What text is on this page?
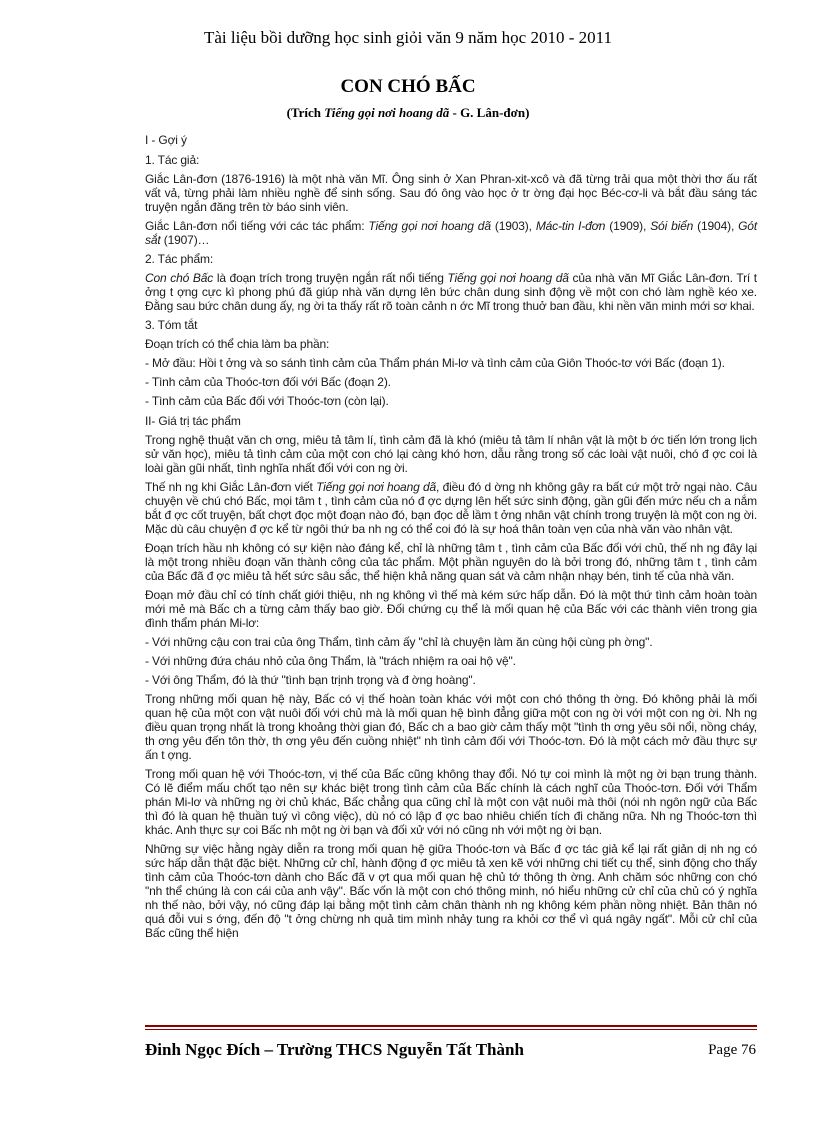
Tài liệu bồi dưỡng học sinh giỏi văn 9 năm học 2010 - 2011
CON CHÓ BẤC
(Trích Tiếng gọi nơi hoang dã - G. Lân-đơn)

I - Gợi ý

1. Tác giả:

Giắc Lân-đơn (1876-1916) là một nhà văn Mĩ. Ông sinh ở Xan Phran-xit-xcô và đã từng trải qua một thời thơ ấu rất vất vả, từng phải làm nhiều nghề để sinh sống. Sau đó ông vào học ở tr ờng đại học Béc-cơ-li và bắt đầu sáng tác truyện ngắn đăng trên tờ báo sinh viên.

Giắc Lân-đơn nổi tiếng với các tác phẩm: Tiếng gọi nơi hoang dã (1903), Mác-tin I-đơn (1909), Sói biển (1904), Gót sắt (1907)…

2. Tác phẩm:

Con chó Bấc là đoạn trích trong truyện ngắn rất nổi tiếng Tiếng gọi nơi hoang dã của nhà văn Mĩ Giắc Lân-đơn. Trí t ởng t ợng cực kì phong phú đã giúp nhà văn dựng lên bức chân dung sinh động về một con chó làm nghề kéo xe. Đằng sau bức chân dung ấy, ng ời ta thấy rất rõ toàn cảnh n ớc Mĩ trong thuở ban đầu, khi nền văn minh mới sơ khai.

3. Tóm tắt

Đoạn trích có thể chia làm ba phần:

- Mở đầu: Hồi t ởng và so sánh tình cảm của Thẩm phán Mi-lơ và tình cảm của Giôn Thoóc-tơ với Bấc (đoạn 1).

- Tình cảm của Thoóc-tơn đối với Bấc (đoạn 2).

- Tình cảm của Bấc đối với Thoóc-tơn (còn lại).

II- Giá trị tác phẩm

Trong nghệ thuật văn ch ơng, miêu tả tâm lí, tình cảm đã là khó (miêu tả tâm lí nhân vật là một b ớc tiến lớn trong lịch sử văn học), miêu tả tình cảm của một con chó lại càng khó hơn, dẫu rằng trong số các loài vật nuôi, chó đ ợc coi là loài gần gũi nhất, tình nghĩa nhất đối với con ng ời.

Thế nh ng khi Giắc Lân-đơn viết Tiếng gọi nơi hoang dã, điều đó d ờng nh không gây ra bất cứ một trở ngại nào. Câu chuyện về chú chó Bấc, mọi tâm t , tình cảm của nó đ ợc dựng lên hết sức sinh động, gần gũi đến mức nếu ch a nắm bắt đ ợc cốt truyện, bất chợt đọc một đoạn nào đó, bạn đọc dễ lầm t ởng nhân vật chính trong truyện là một con ng ời. Mặc dù câu chuyện đ ợc kể từ ngôi thứ ba nh ng có thể coi đó là sự hoá thân toàn vẹn của nhà văn vào nhân vật.

Đoạn trích hầu nh không có sự kiện nào đáng kể, chỉ là những tâm t , tình cảm của Bấc đối với chủ, thế nh ng đây lại là một trong nhiều đoạn văn thành công của tác phẩm. Một phần nguyên do là bởi trong đó, những tâm t , tình cảm của Bấc đã đ ợc miêu tả hết sức sâu sắc, thể hiện khả năng quan sát và cảm nhận nhạy bén, tinh tế của nhà văn.

Đoạn mở đầu chỉ có tính chất giới thiệu, nh ng không vì thế mà kém sức hấp dẫn. Đó là một thứ tình cảm hoàn toàn mới mẻ mà Bấc ch a từng cảm thấy bao giờ. Đối chứng cụ thể là mối quan hệ của Bấc với các thành viên trong gia đình thẩm phán Mi-lơ:

- Với những cậu con trai của ông Thẩm, tình cảm ấy "chỉ là chuyện làm ăn cùng hội cùng ph ờng".

- Với những đứa cháu nhỏ của ông Thẩm, là "trách nhiệm ra oai hộ vệ".

- Với ông Thẩm, đó là thứ "tình bạn trịnh trọng và đ ờng hoàng".

Trong những mối quan hệ này, Bấc có vị thế hoàn toàn khác với một con chó thông th ờng. Đó không phải là mối quan hệ của một con vật nuôi đối với chủ mà là mối quan hệ bình đẳng giữa một con ng ời với một con ng ời. Nh ng điều quan trọng nhất là trong khoảng thời gian đó, Bấc ch a bao giờ cảm thấy một "tình th ơng yêu sôi nổi, nồng cháy, th ơng yêu đến tôn thờ, th ơng yêu đến cuồng nhiệt" nh tình cảm đối với Thoóc-tơn. Đó là một cách mở đầu thực sự ấn t ợng.

Trong mối quan hệ với Thoóc-tơn, vị thế của Bấc cũng không thay đổi. Nó tự coi mình là một ng ời bạn trung thành. Có lẽ điểm mấu chốt tạo nên sự khác biệt trong tình cảm của Bấc chính là cách nghĩ của Thoóc-tơn. Đối với Thẩm phán Mi-lơ và những ng ời chủ khác, Bấc chẳng qua cũng chỉ là một con vật nuôi mà thôi (nói nh ngôn ngữ của Bấc thì đó là quan hệ thuần tuý vì công việc), dù nó có lập đ ợc bao nhiêu chiến tích đi chăng nữa. Nh ng Thoóc-tơn thì khác. Anh thực sự coi Bấc nh một ng ời bạn và đối xử với nó cũng nh với một ng ời bạn.

Những sự việc hằng ngày diễn ra trong mối quan hệ giữa Thoóc-tơn và Bấc đ ợc tác giả kể lại rất giản dị nh ng có sức hấp dẫn thật đặc biệt. Những cử chỉ, hành động đ ợc miêu tả xen kẽ với những chi tiết cụ thể, sinh động cho thấy tình cảm của Thoóc-tơn dành cho Bấc đã v ợt qua mối quan hệ chủ tớ thông th ờng. Anh chăm sóc những con chó "nh thể chúng là con cái của anh vậy". Bấc vốn là một con chó thông minh, nó hiểu những cử chỉ của chủ có ý nghĩa nh thế nào, bởi vậy, nó cũng đáp lại bằng một tình cảm chân thành nh ng không kém phần nồng nhiệt. Bản thân nó quá đỗi vui s ớng, đến độ "t ởng chừng nh quả tim mình nhảy tung ra khỏi cơ thể vì quá ngây ngất". Mỗi cử chỉ của Bấc cũng thể hiện

Đinh Ngọc Đích – Trường THCS Nguyễn Tất Thành	Page 76
